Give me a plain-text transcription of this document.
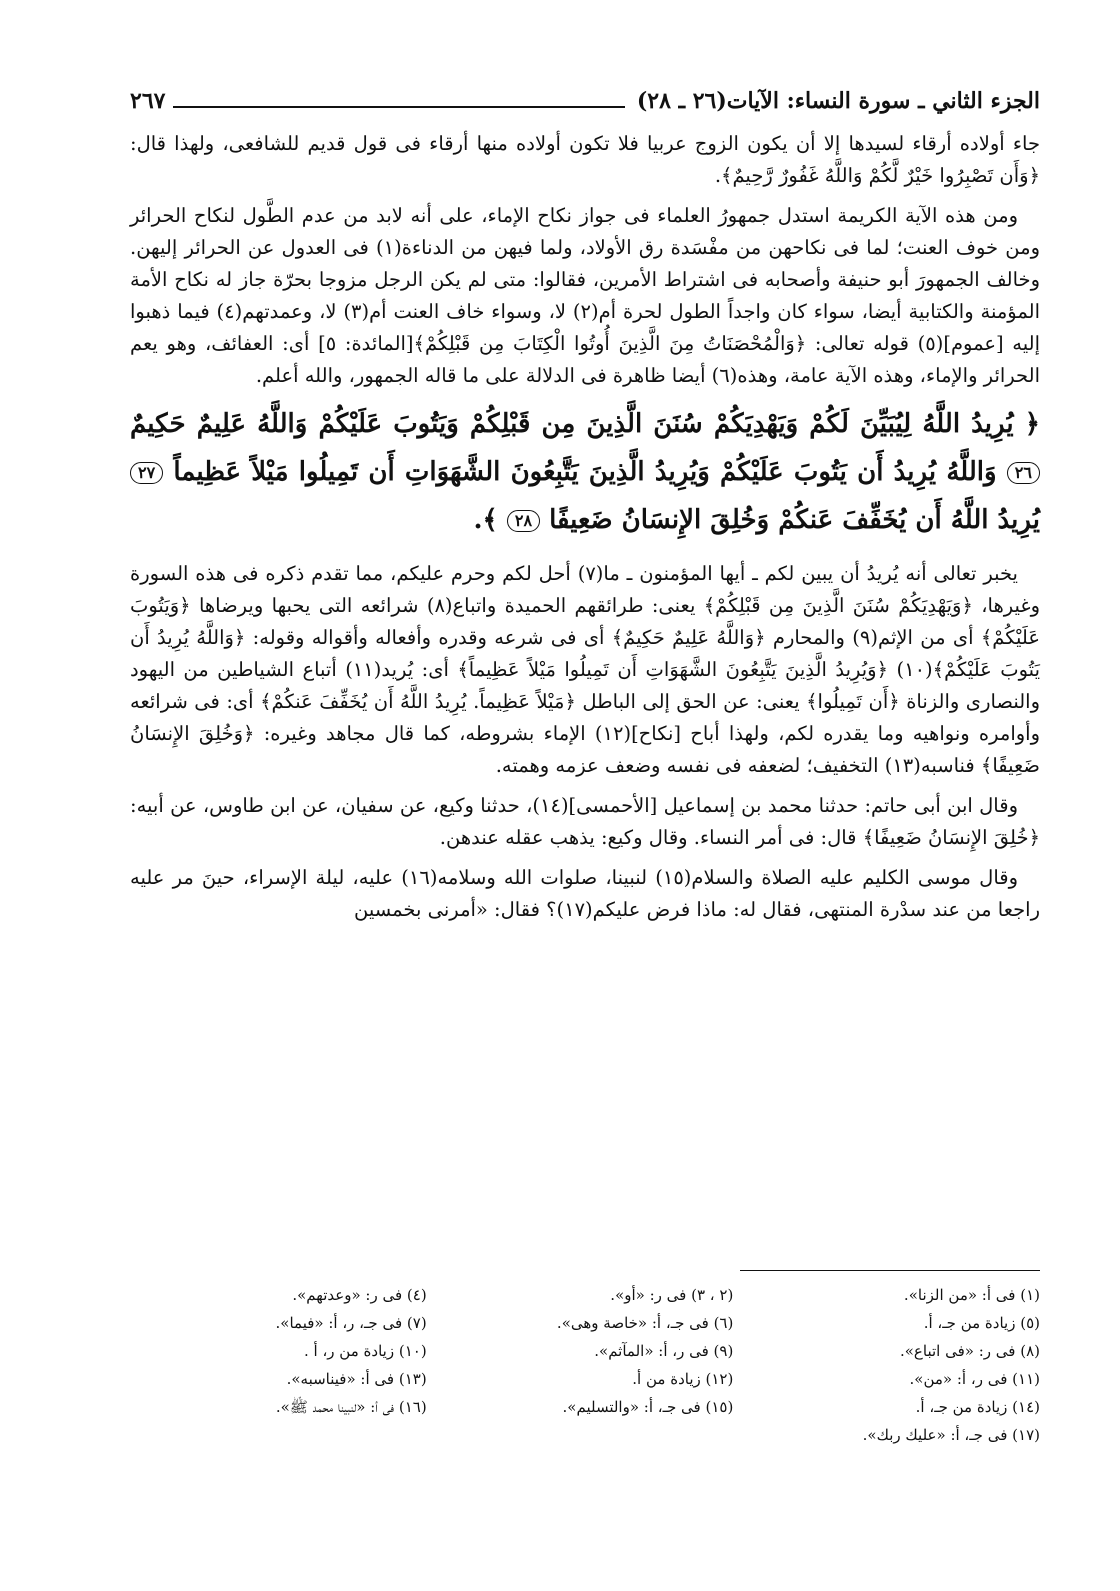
الجزء الثاني ـ سورة النساء: الآيات(٢٦ ـ ٢٨)
٢٦٧

جاء أولاده أرقاء لسيدها إلا أن يكون الزوج عربيا فلا تكون أولاده منها أرقاء فى قول قديم للشافعى، ولهذا قال: ﴿وَأَن تَصْبِرُوا خَيْرٌ لَّكُمْ وَاللَّهُ غَفُورٌ رَّحِيمٌ﴾.

ومن هذه الآية الكريمة استدل جمهورُ العلماء فى جواز نكاح الإماء، على أنه لابد من عدم الطَّول لنكاح الحرائر ومن خوف العنت؛ لما فى نكاحهن من مفْسَدة رق الأولاد، ولما فيهن من الدناءة(١) فى العدول عن الحرائر إليهن. وخالف الجمهورَ أبو حنيفة وأصحابه فى اشتراط الأمرين، فقالوا: متى لم يكن الرجل مزوجا بحرّة جاز له نكاح الأمة المؤمنة والكتابية أيضا، سواء كان واجداً الطول لحرة أم(٢) لا، وسواء خاف العنت أم(٣) لا، وعمدتهم(٤) فيما ذهبوا إليه [عموم](٥) قوله تعالى: ﴿وَالْمُحْصَنَاتُ مِنَ الَّذِينَ أُوتُوا الْكِتَابَ مِن قَبْلِكُمْ﴾[المائدة: ٥] أى: العفائف، وهو يعم الحرائر والإماء، وهذه الآية عامة، وهذه(٦) أيضا ظاهرة فى الدلالة على ما قاله الجمهور، والله أعلم.

﴿ يُرِيدُ اللَّهُ لِيُبَيِّنَ لَكُمْ وَيَهْدِيَكُمْ سُنَنَ الَّذِينَ مِن قَبْلِكُمْ وَيَتُوبَ عَلَيْكُمْ وَاللَّهُ عَلِيمٌ حَكِيمٌ ٢٦ وَاللَّهُ يُرِيدُ أَن يَتُوبَ عَلَيْكُمْ وَيُرِيدُ الَّذِينَ يَتَّبِعُونَ الشَّهَوَاتِ أَن تَمِيلُوا مَيْلاً عَظِيماً ٢٧ يُرِيدُ اللَّهُ أَن يُخَفِّفَ عَنكُمْ وَخُلِقَ الإِنسَانُ ضَعِيفًا ٢٨ ﴾.

يخبر تعالى أنه يُريدُ أن يبين لكم ـ أيها المؤمنون ـ ما(٧) أحل لكم وحرم عليكم، مما تقدم ذكره فى هذه السورة وغيرها، ﴿وَيَهْدِيَكُمْ سُنَنَ الَّذِينَ مِن قَبْلِكُمْ﴾ يعنى: طرائقهم الحميدة واتباع(٨) شرائعه التى يحبها ويرضاها ﴿وَيَتُوبَ عَلَيْكُمْ﴾ أى من الإثم(٩) والمحارم ﴿وَاللَّهُ عَلِيمٌ حَكِيمٌ﴾ أى فى شرعه وقدره وأفعاله وأقواله وقوله: ﴿وَاللَّهُ يُرِيدُ أَن يَتُوبَ عَلَيْكُمْ﴾(١٠) ﴿وَيُرِيدُ الَّذِينَ يَتَّبِعُونَ الشَّهَوَاتِ أَن تَمِيلُوا مَيْلاً عَظِيماً﴾ أى: يُريد(١١) أتباع الشياطين من اليهود والنصارى والزناة ﴿أَن تَمِيلُوا﴾ يعنى: عن الحق إلى الباطل ﴿مَيْلاً عَظِيماً. يُرِيدُ اللَّهُ أَن يُخَفِّفَ عَنكُمْ﴾ أى: فى شرائعه وأوامره ونواهيه وما يقدره لكم، ولهذا أباح [نكاح](١٢) الإماء بشروطه، كما قال مجاهد وغيره: ﴿وَخُلِقَ الإِنسَانُ ضَعِيفًا﴾ فناسبه(١٣) التخفيف؛ لضعفه فى نفسه وضعف عزمه وهمته.

وقال ابن أبى حاتم: حدثنا محمد بن إسماعيل [الأحمسى](١٤)، حدثنا وكيع، عن سفيان، عن ابن طاوس، عن أبيه: ﴿خُلِقَ الإِنسَانُ ضَعِيفًا﴾ قال: فى أمر النساء. وقال وكيع: يذهب عقله عندهن.

وقال موسى الكليم عليه الصلاة والسلام(١٥) لنبينا، صلوات الله وسلامه(١٦) عليه، ليلة الإسراء، حينَ مر عليه راجعا من عند سدْرة المنتهى، فقال له: ماذا فرض عليكم(١٧)؟ فقال: «أمرنى بخمسين

(١) فى أ: «من الزنا».
(٢ ، ٣) فى ر: «أو».
(٤) فى ر: «وعدتهم».
(٥) زيادة من جـ، أ.
(٦) فى جـ، أ: «خاصة وهى».
(٧) فى جـ، ر، أ: «فيما».
(٨) فى ر: «فى اتباع».
(٩) فى ر، أ: «المآثم».
(١٠) زيادة من ر، أ .
(١١) فى ر، أ: «من».
(١٢) زيادة من أ.
(١٣) فى أ: «فيناسبه».
(١٤) زيادة من جـ، أ.
(١٥) فى جـ، أ: «والتسليم».
(١٦) فى أ: «لنبينا محمد ﷺ».
(١٧) فى جـ، أ: «عليك ربك».
